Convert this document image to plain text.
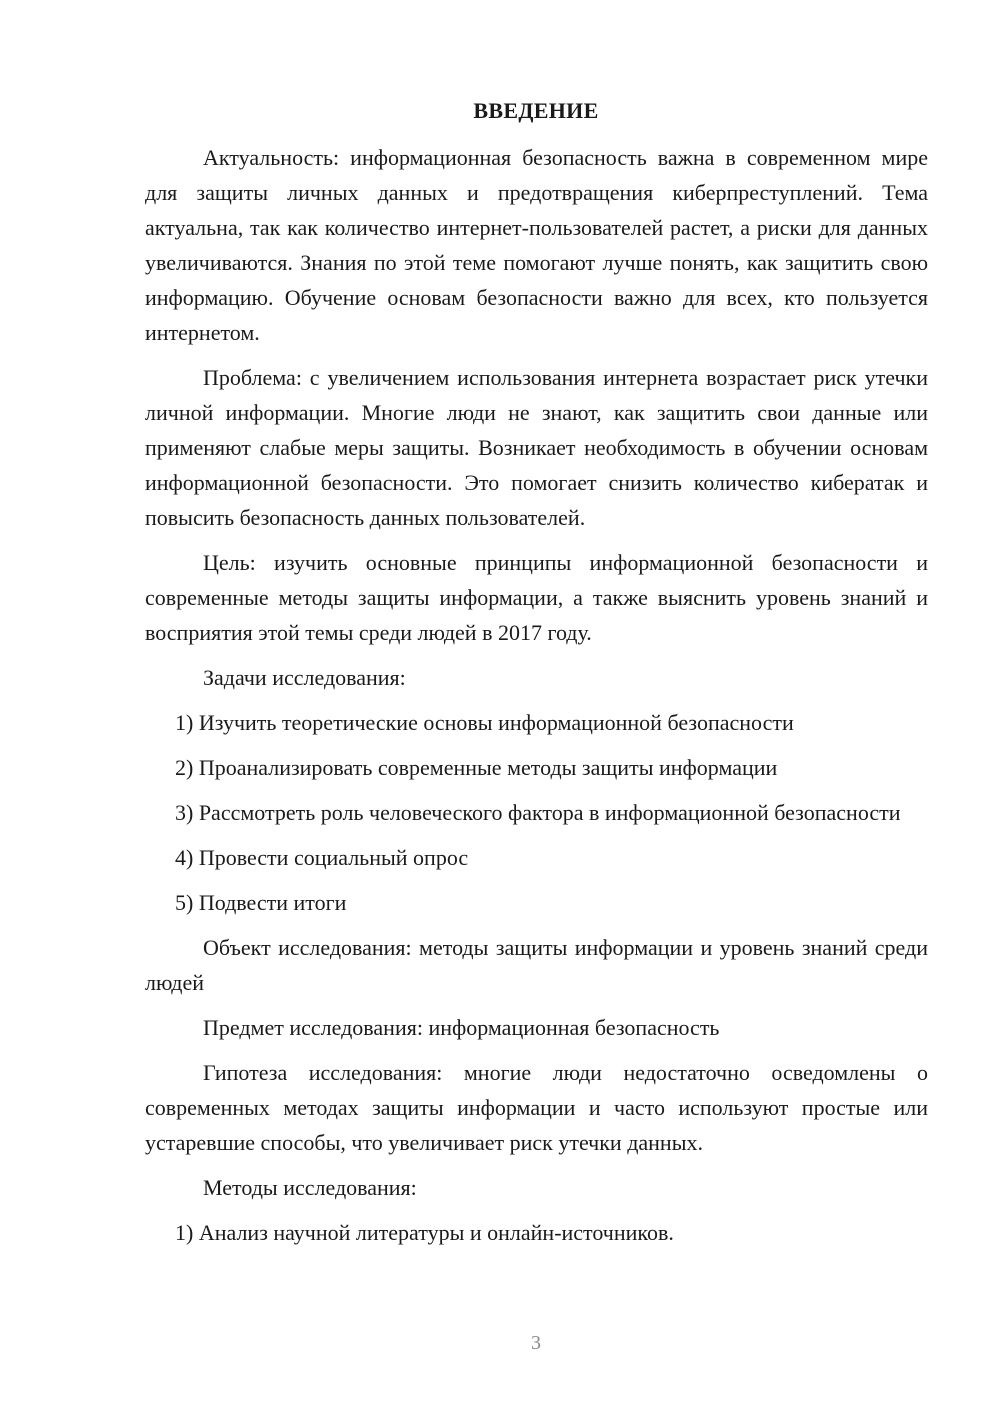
ВВЕДЕНИЕ

Актуальность: информационная безопасность важна в современном мире для защиты личных данных и предотвращения киберпреступлений. Тема актуальна, так как количество интернет-пользователей растет, а риски для данных увеличиваются. Знания по этой теме помогают лучше понять, как защитить свою информацию. Обучение основам безопасности важно для всех, кто пользуется интернетом.

Проблема: с увеличением использования интернета возрастает риск утечки личной информации. Многие люди не знают, как защитить свои данные или применяют слабые меры защиты. Возникает необходимость в обучении основам информационной безопасности. Это помогает снизить количество кибератак и повысить безопасность данных пользователей.

Цель: изучить основные принципы информационной безопасности и современные методы защиты информации, а также выяснить уровень знаний и восприятия этой темы среди людей в 2017 году.

Задачи исследования:

1) Изучить теоретические основы информационной безопасности

2) Проанализировать современные методы защиты информации

3) Рассмотреть роль человеческого фактора в информационной безопасности

4) Провести социальный опрос

5) Подвести итоги

Объект исследования: методы защиты информации и уровень знаний среди людей

Предмет исследования: информационная безопасность

Гипотеза исследования: многие люди недостаточно осведомлены о современных методах защиты информации и часто используют простые или устаревшие способы, что увеличивает риск утечки данных.

Методы исследования:

1) Анализ научной литературы и онлайн-источников.

3
